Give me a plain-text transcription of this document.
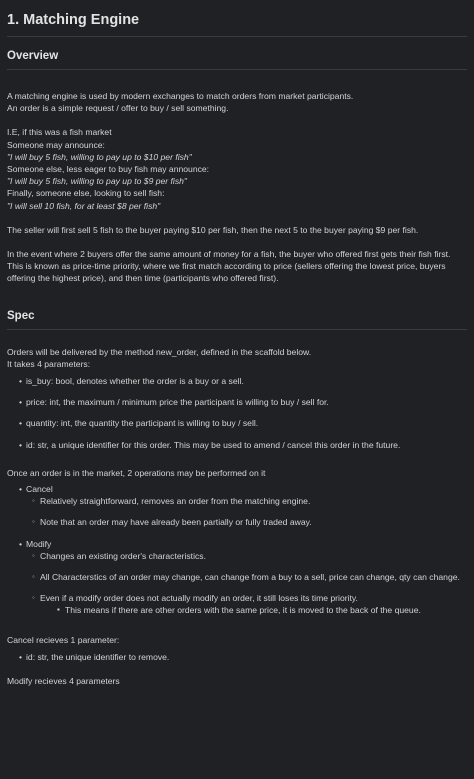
1. Matching Engine
Overview

A matching engine is used by modern exchanges to match orders from market participants.

An order is a simple request / offer to buy / sell something.

I.E, if this was a fish market

Someone may announce:

"I will buy 5 fish, willing to pay up to $10 per fish"

Someone else, less eager to buy fish may announce:

"I will buy 5 fish, willing to pay up to $9 per fish"

Finally, someone else, looking to sell fish:

"I will sell 10 fish, for at least $8 per fish"

The seller will first sell 5 fish to the buyer paying $10 per fish, then the next 5 to the buyer paying $9 per fish.

In the event where 2 buyers offer the same amount of money for a fish, the buyer who offered first gets their fish first.

This is known as price-time priority, where we first match according to price (sellers offering the lowest price, buyers offering the highest price), and then time (participants who offered first).

Spec

Orders will be delivered by the method new_order, defined in the scaffold below.

It takes 4 parameters:

• is_buy: bool, denotes whether the order is a buy or a sell.
• price: int, the maximum / minimum price the participant is willing to buy / sell for.
• quantity: int, the quantity the participant is willing to buy / sell.
• id: str, a unique identifier for this order. This may be used to amend / cancel this order in the future.

Once an order is in the market, 2 operations may be performed on it

• Cancel
◦ Relatively straightforward, removes an order from the matching engine.
◦ Note that an order may have already been partially or fully traded away.
• Modify
◦ Changes an existing order's characteristics.
◦ All Characterstics of an order may change, can change from a buy to a sell, price can change, qty can change.
◦ Even if a modify order does not actually modify an order, it still loses its time priority.
▪ This means if there are other orders with the same price, it is moved to the back of the queue.

Cancel recieves 1 parameter:

• id: str, the unique identifier to remove.

Modify recieves 4 parameters
